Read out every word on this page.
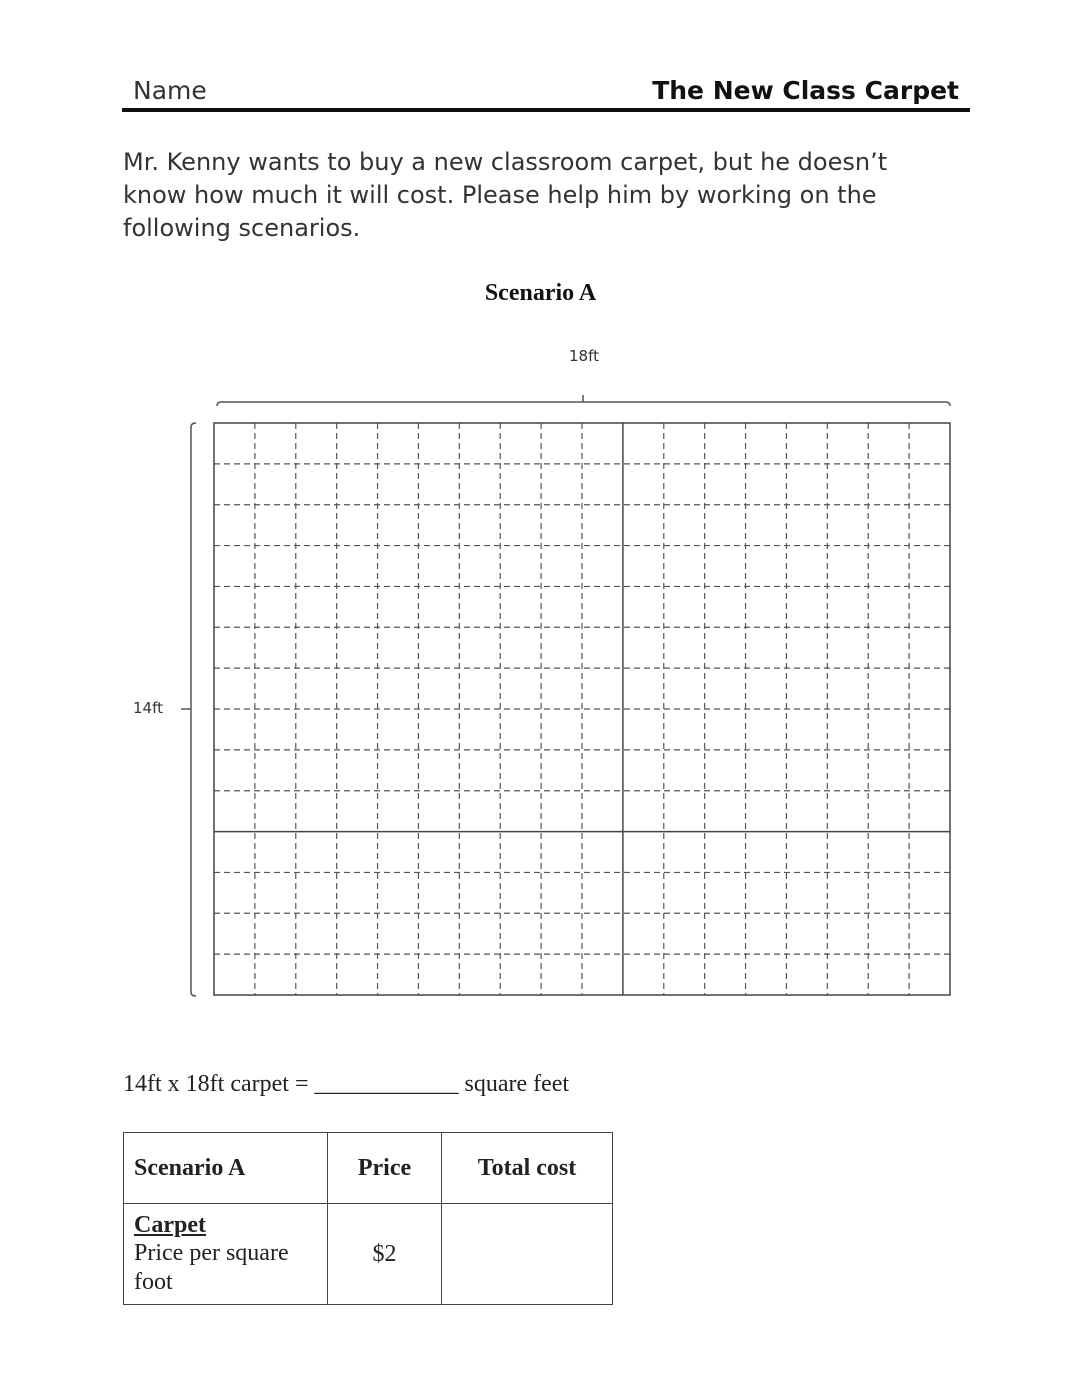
Name	The New Class Carpet
Mr. Kenny wants to buy a new classroom carpet, but he doesn’t know how much it will cost. Please help him by working on the following scenarios.
Scenario A
18ft
14ft
14ft x 18ft carpet = ____________ square feet
Scenario A	Price	Total cost

Carpet
Price per square foot	$2	
